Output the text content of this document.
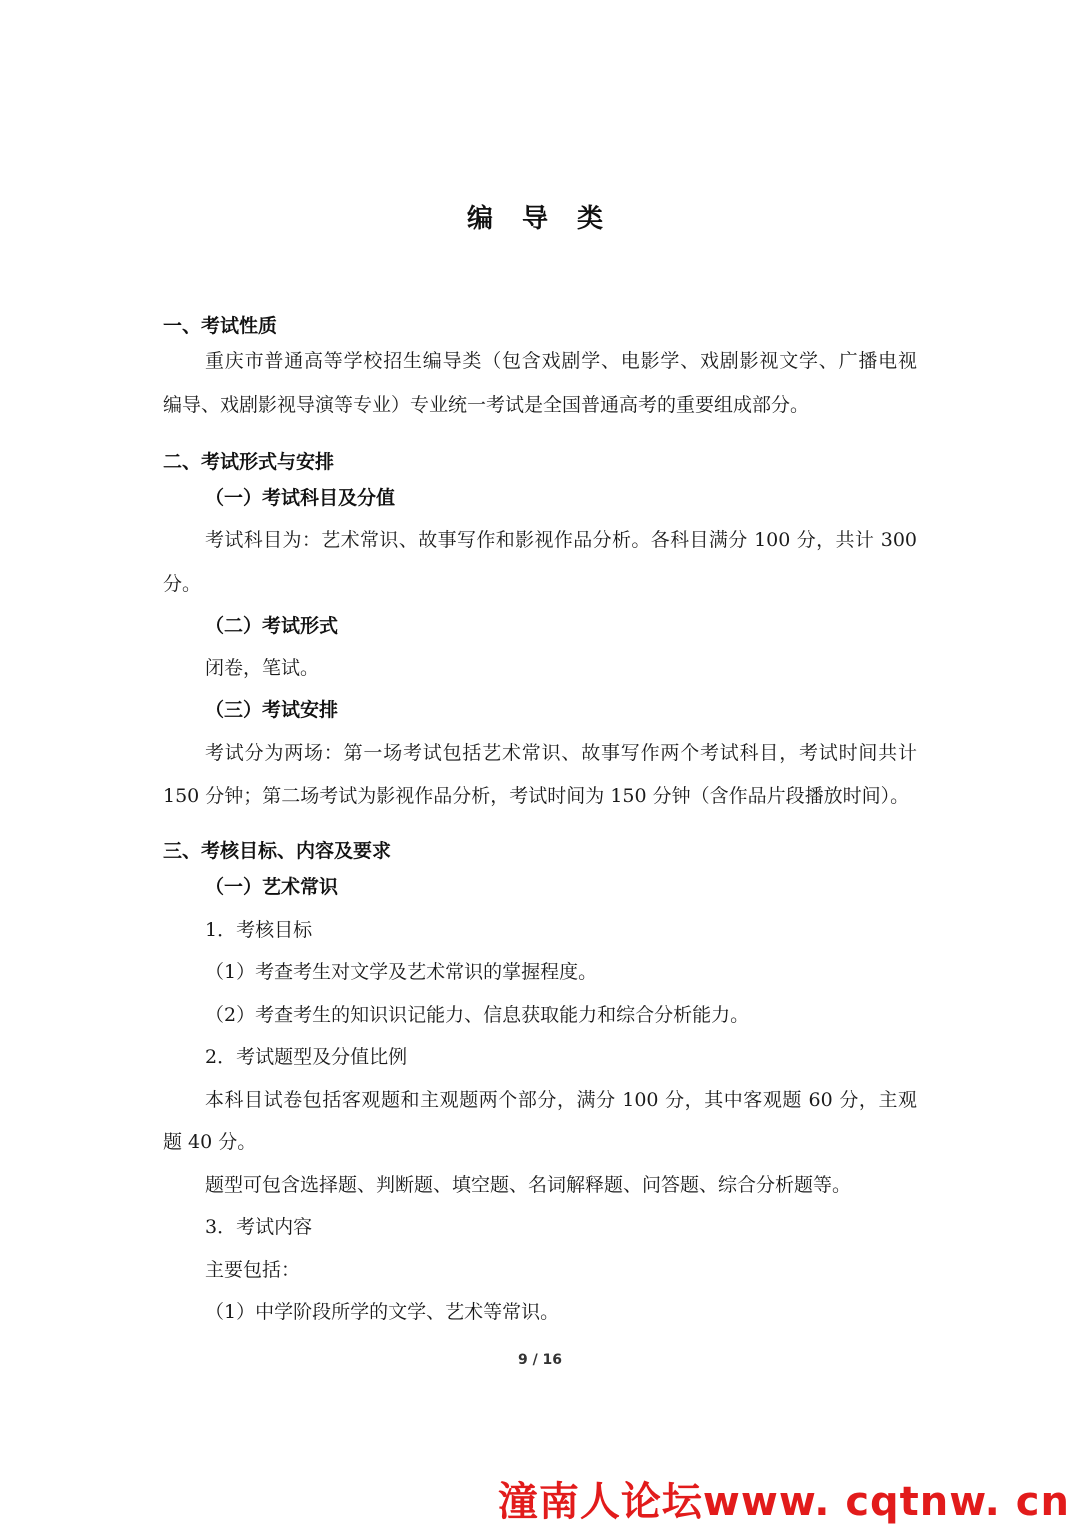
编 导 类
一、考试性质
重庆市普通高等学校招生编导类（包含戏剧学、电影学、戏剧影视文学、广播电视
编导、戏剧影视导演等专业）专业统一考试是全国普通高考的重要组成部分。
二、考试形式与安排
（一）考试科目及分值
考试科目为：艺术常识、故事写作和影视作品分析。各科目满分 100 分，共计 300
分。
（二）考试形式
闭卷，笔试。
（三）考试安排
考试分为两场：第一场考试包括艺术常识、故事写作两个考试科目，考试时间共计
150 分钟；第二场考试为影视作品分析，考试时间为 150 分钟（含作品片段播放时间）。
三、考核目标、内容及要求
（一）艺术常识
1．考核目标
（1）考查考生对文学及艺术常识的掌握程度。
（2）考查考生的知识识记能力、信息获取能力和综合分析能力。
2．考试题型及分值比例
本科目试卷包括客观题和主观题两个部分，满分 100 分，其中客观题 60 分，主观
题 40 分。
题型可包含选择题、判断题、填空题、名词解释题、问答题、综合分析题等。
3．考试内容
主要包括：
（1）中学阶段所学的文学、艺术等常识。
9 / 16
潼南人论坛www. cqtnw. cn
